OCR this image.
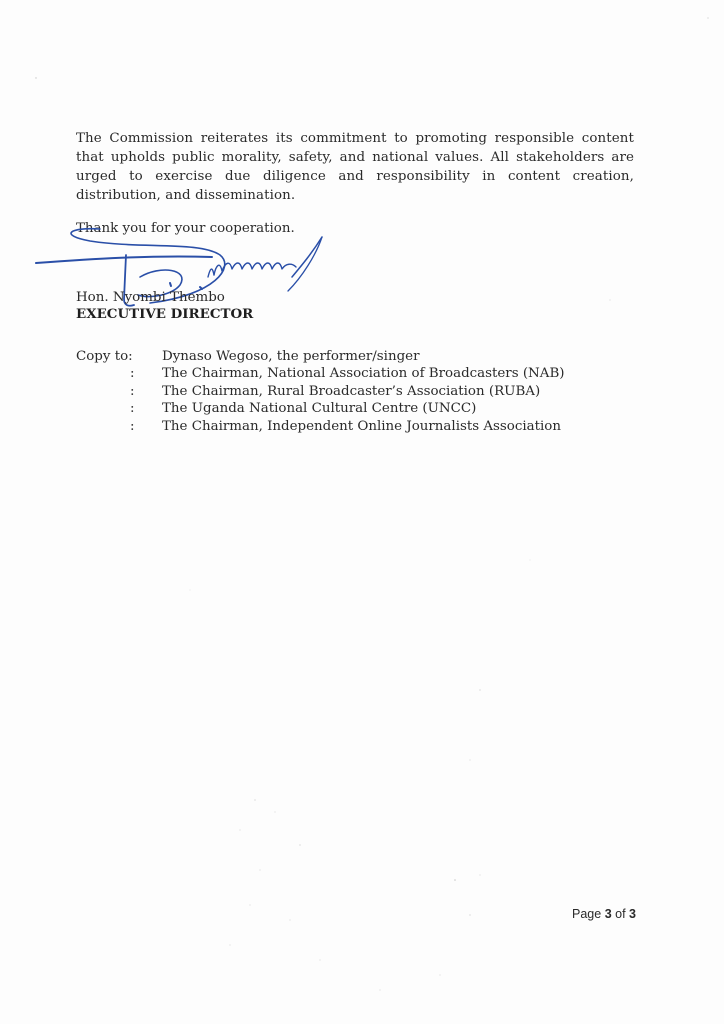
The Commission reiterates its commitment to promoting responsible content that upholds public morality, safety, and national values. All stakeholders are urged to exercise due diligence and responsibility in content creation, distribution, and dissemination.

Thank you for your cooperation.
Hon. Nyombi Thembo
EXECUTIVE DIRECTOR
Copy to: Dynaso Wegoso, the performer/singer
: The Chairman, National Association of Broadcasters (NAB)
: The Chairman, Rural Broadcaster’s Association (RUBA)
: The Uganda National Cultural Centre (UNCC)
: The Chairman, Independent Online Journalists Association
Page 3 of 3
